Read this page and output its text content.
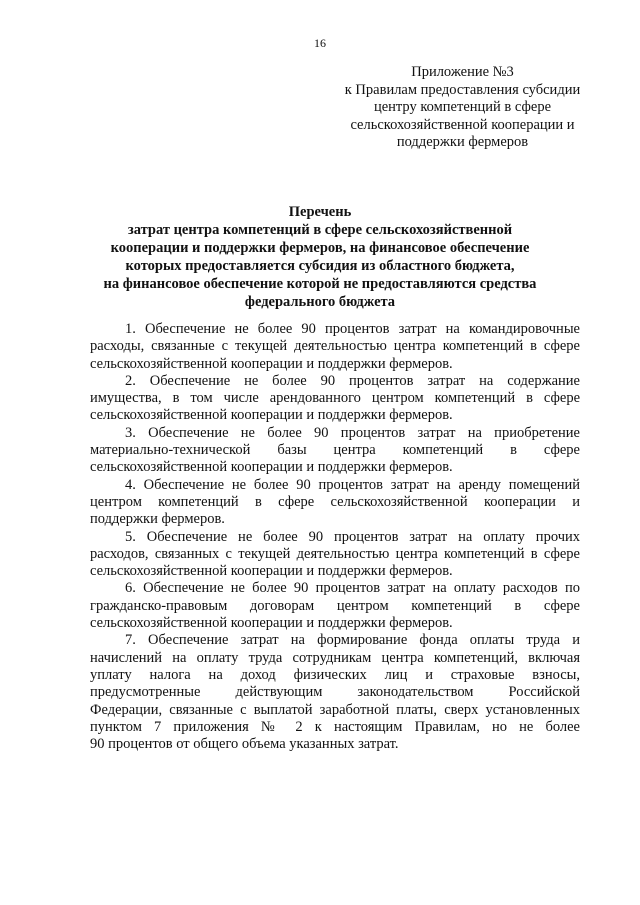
16
Приложение №3
к Правилам предоставления субсидии
центру компетенций в сфере
сельскохозяйственной кооперации и
поддержки фермеров
Перечень
затрат центра компетенций в сфере сельскохозяйственной
кооперации и поддержки фермеров, на финансовое обеспечение
которых предоставляется субсидия из областного бюджета,
на финансовое обеспечение которой не предоставляются средства
федерального бюджета
1. Обеспечение не более 90 процентов затрат на командировочные
расходы, связанные с текущей деятельностью центра компетенций в сфере
сельскохозяйственной кооперации и поддержки фермеров.
2. Обеспечение не более 90 процентов затрат на содержание
имущества, в том числе арендованного центром компетенций в сфере
сельскохозяйственной кооперации и поддержки фермеров.
3. Обеспечение не более 90 процентов затрат на приобретение
материально-технической базы центра компетенций в сфере
сельскохозяйственной кооперации и поддержки фермеров.
4. Обеспечение не более 90 процентов затрат на аренду помещений
центром компетенций в сфере сельскохозяйственной кооперации и
поддержки фермеров.
5. Обеспечение не более 90 процентов затрат на оплату прочих
расходов, связанных с текущей деятельностью центра компетенций в сфере
сельскохозяйственной кооперации и поддержки фермеров.
6. Обеспечение не более 90 процентов затрат на оплату расходов по
гражданско-правовым договорам центром компетенций в сфере
сельскохозяйственной кооперации и поддержки фермеров.
7. Обеспечение затрат на формирование фонда оплаты труда и
начислений на оплату труда сотрудникам центра компетенций, включая
уплату налога на доход физических лиц и страховые взносы,
предусмотренные действующим законодательством Российской
Федерации, связанные с выплатой заработной платы, сверх установленных
пунктом 7 приложения № 2 к настоящим Правилам, но не более
90 процентов от общего объема указанных затрат.
